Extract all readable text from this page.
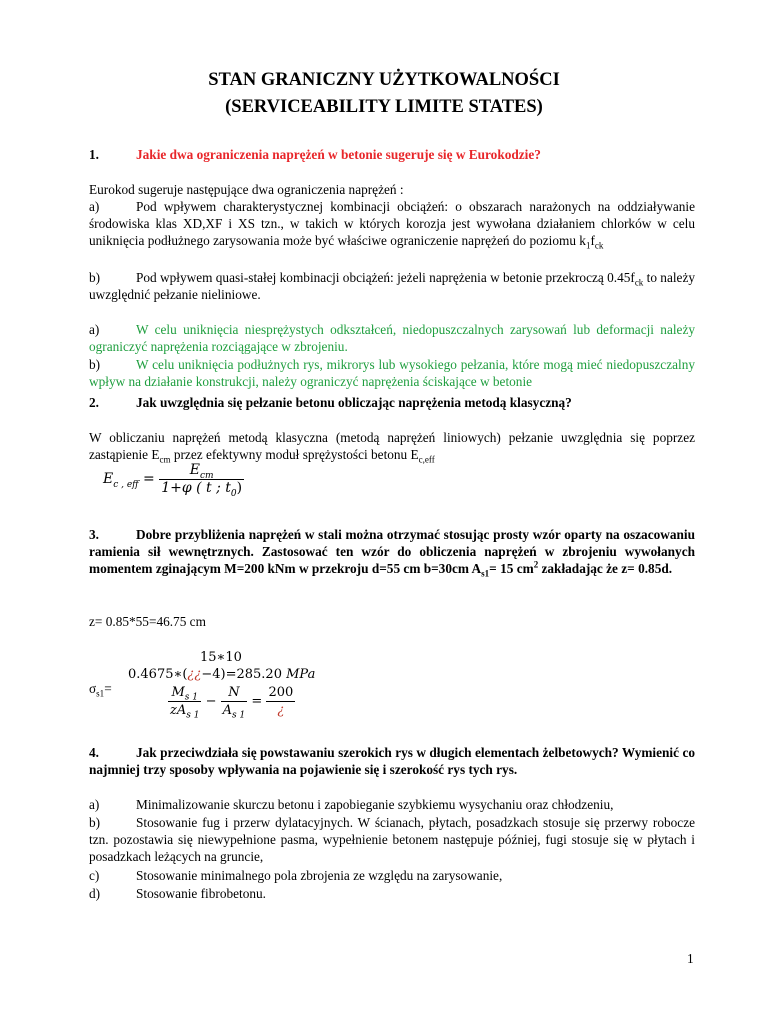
STAN GRANICZNY UŻYTKOWALNOŚCI
(SERVICEABILITY LIMITE STATES)
1.	Jakie dwa ograniczenia naprężeń w betonie sugeruje się w Eurokodzie?
Eurokod sugeruje następujące dwa ograniczenia naprężeń :
a)	Pod wpływem charakterystycznej kombinacji obciążeń: o obszarach narażonych na oddziaływanie środowiska klas XD,XF i XS tzn., w takich w których korozja jest wywołana działaniem chlorków w celu uniknięcia podłużnego zarysowania może być właściwe ograniczenie naprężeń do poziomu $k_1f_{ck}$
b)	Pod wpływem quasi-stałej kombinacji obciążeń: jeżeli naprężenia w betonie przekroczą $0.45f_{ck}$ to należy uwzględnić pełzanie nieliniowe.
a)	W celu uniknięcia niesprężystych odkształceń, niedopuszczalnych zarysowań lub deformacji należy ograniczyć naprężenia rozciągające w zbrojeniu.
b)	W celu uniknięcia podłużnych rys, mikrorys lub wysokiego pełzania, które mogą mieć niedopuszczalny wpływ na działanie konstrukcji, należy ograniczyć naprężenia ściskające w betonie
2.	Jak uwzględnia się pełzanie betonu obliczając naprężenia metodą klasyczną?
W obliczaniu naprężeń metodą klasyczna (metodą naprężeń liniowych) pełzanie uwzględnia się poprzez zastąpienie $E_{cm}$ przez efektywny moduł sprężystości betonu $E_{c,eff}$
$E_{c , eff} = \frac{E_{cm}}{1+\varphi ( t ; t_0)}$
3.	Dobre przybliżenia naprężeń w stali można otrzymać stosując prosty wzór oparty na oszacowaniu ramienia sił wewnętrznych. Zastosować ten wzór do obliczenia naprężeń w zbrojeniu wywołanych momentem zginającym M=200 kNm w przekroju d=55 cm b=30cm $A_{s1}= 15$ $cm^2$ zakładając że z= 0.85d.
z= 0.85*55=46.75 cm
15∗10
0.4675∗(¿¿−4)=285.20 MPa
$\sigma_{s1}=$	$\frac{M_{s 1}}{zA_{s 1}} - \frac{N}{A_{s 1}} = \frac{200}{¿}$
4.	Jak przeciwdziała się powstawaniu szerokich rys w długich elementach żelbetowych? Wymienić co najmniej trzy sposoby wpływania na pojawienie się i szerokość rys tych rys.
a)	Minimalizowanie skurczu betonu i zapobieganie szybkiemu wysychaniu oraz chłodzeniu,
b)	Stosowanie fug i przerw dylatacyjnych. W ścianach, płytach, posadzkach stosuje się przerwy robocze tzn. pozostawia się niewypełnione pasma, wypełnienie betonem następuje później, fugi stosuje się w płytach i posadzkach leżących na gruncie,
c)	Stosowanie minimalnego pola zbrojenia ze względu na zarysowanie,
d)	Stosowanie fibrobetonu.
1
